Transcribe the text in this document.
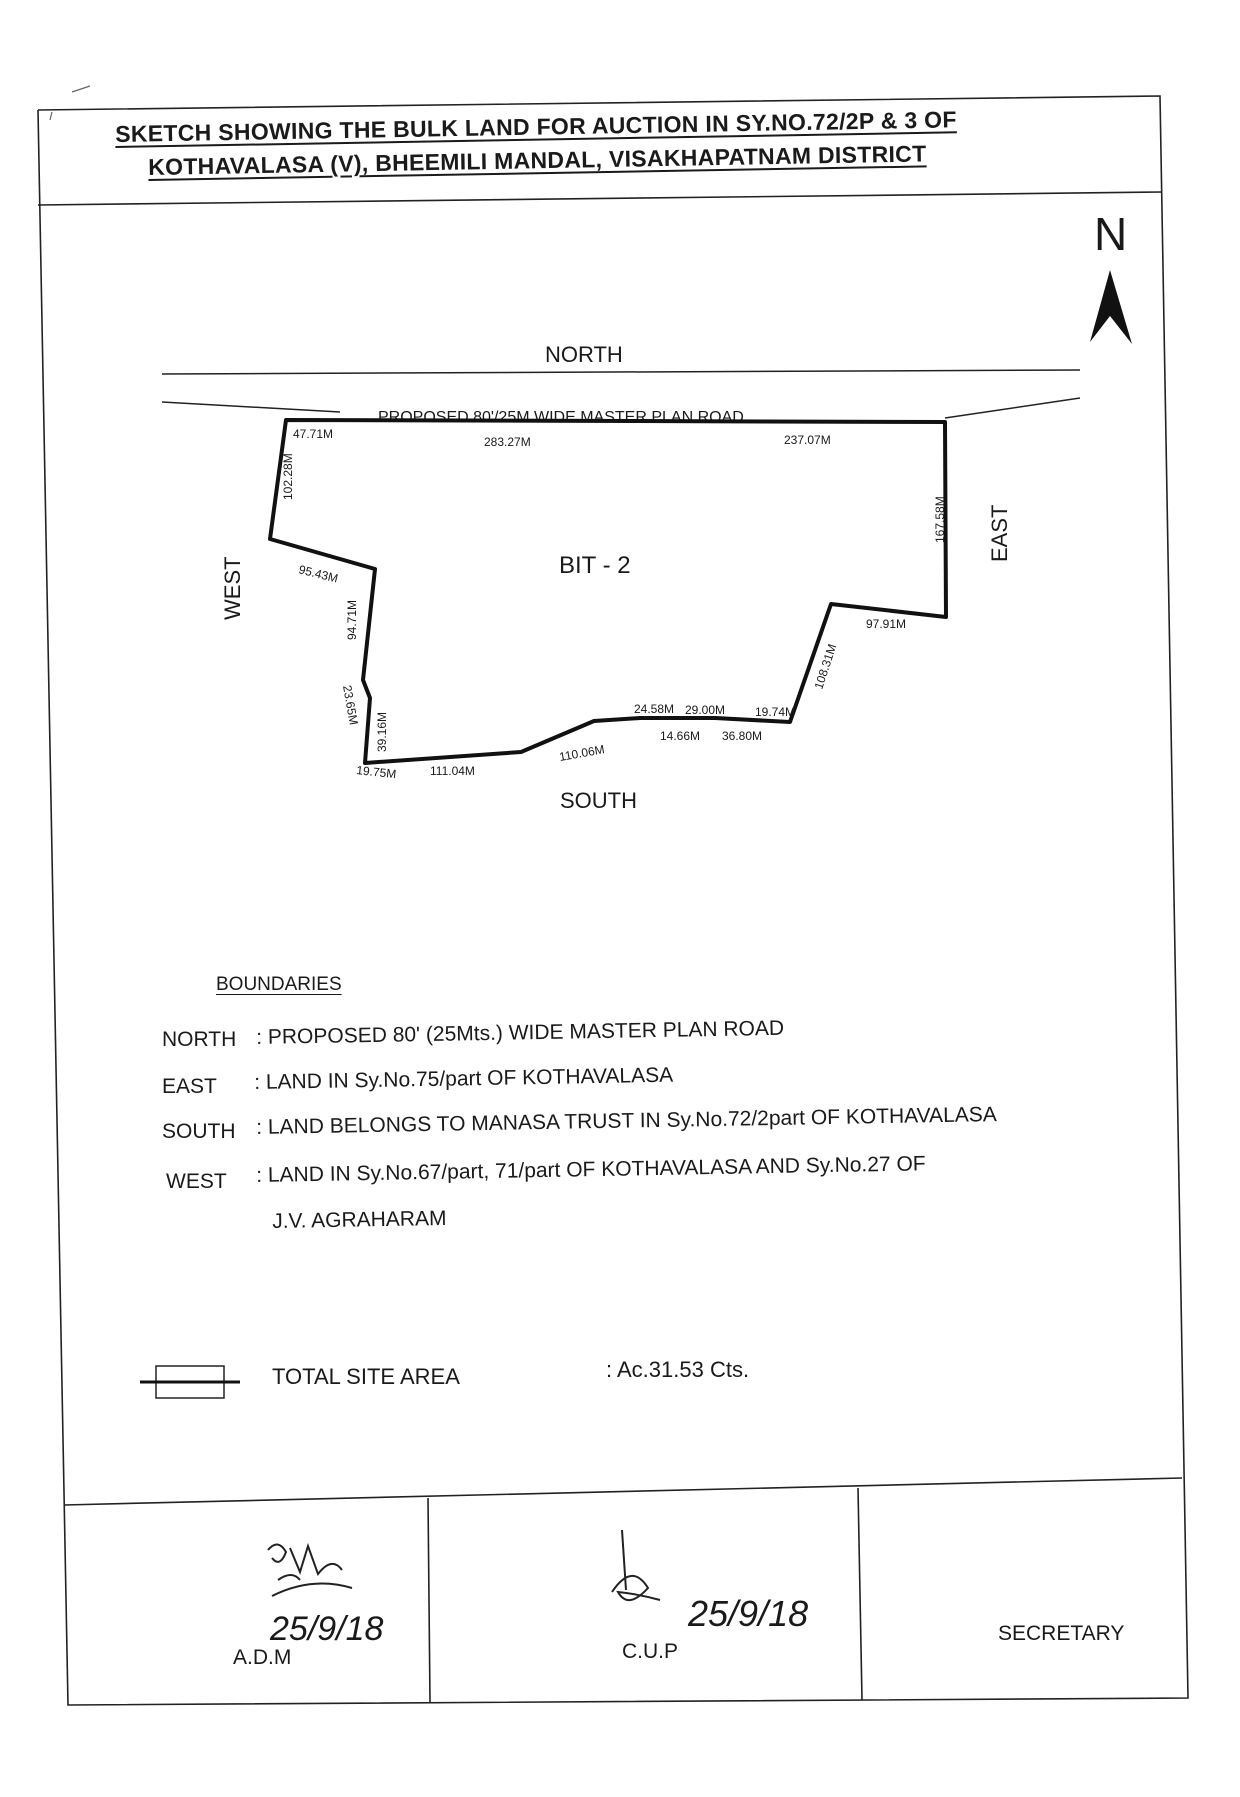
N
PROPOSED 80'/25M WIDE MASTER PLAN ROAD
NORTH
SOUTH
EAST
WEST	BIT - 2
47.71M
283.27M	237.07M
102.28M
95.43M
94.71M
23.65M
39.16M
19.75M	111.04M
110.06M
24.58M 29.00M 19.74M
14.66M 36.80M
167.58M
97.91M
108.31M
25/9/18	25/9/18
SKETCH SHOWING THE BULK LAND FOR AUCTION IN SY.NO.72/2P & 3 OF
KOTHAVALASA (V), BHEEMILI MANDAL, VISAKHAPATNAM DISTRICT
BOUNDARIES
NORTH : PROPOSED 80' (25Mts.) WIDE MASTER PLAN ROAD
EAST : LAND IN Sy.No.75/part OF KOTHAVALASA
SOUTH : LAND BELONGS TO MANASA TRUST IN Sy.No.72/2part OF KOTHAVALASA
WEST : LAND IN Sy.No.67/part, 71/part OF KOTHAVALASA AND Sy.No.27 OF
J.V. AGRAHARAM
TOTAL SITE AREA	: Ac.31.53 Cts.
A.D.M	C.U.P
SECRETARY
